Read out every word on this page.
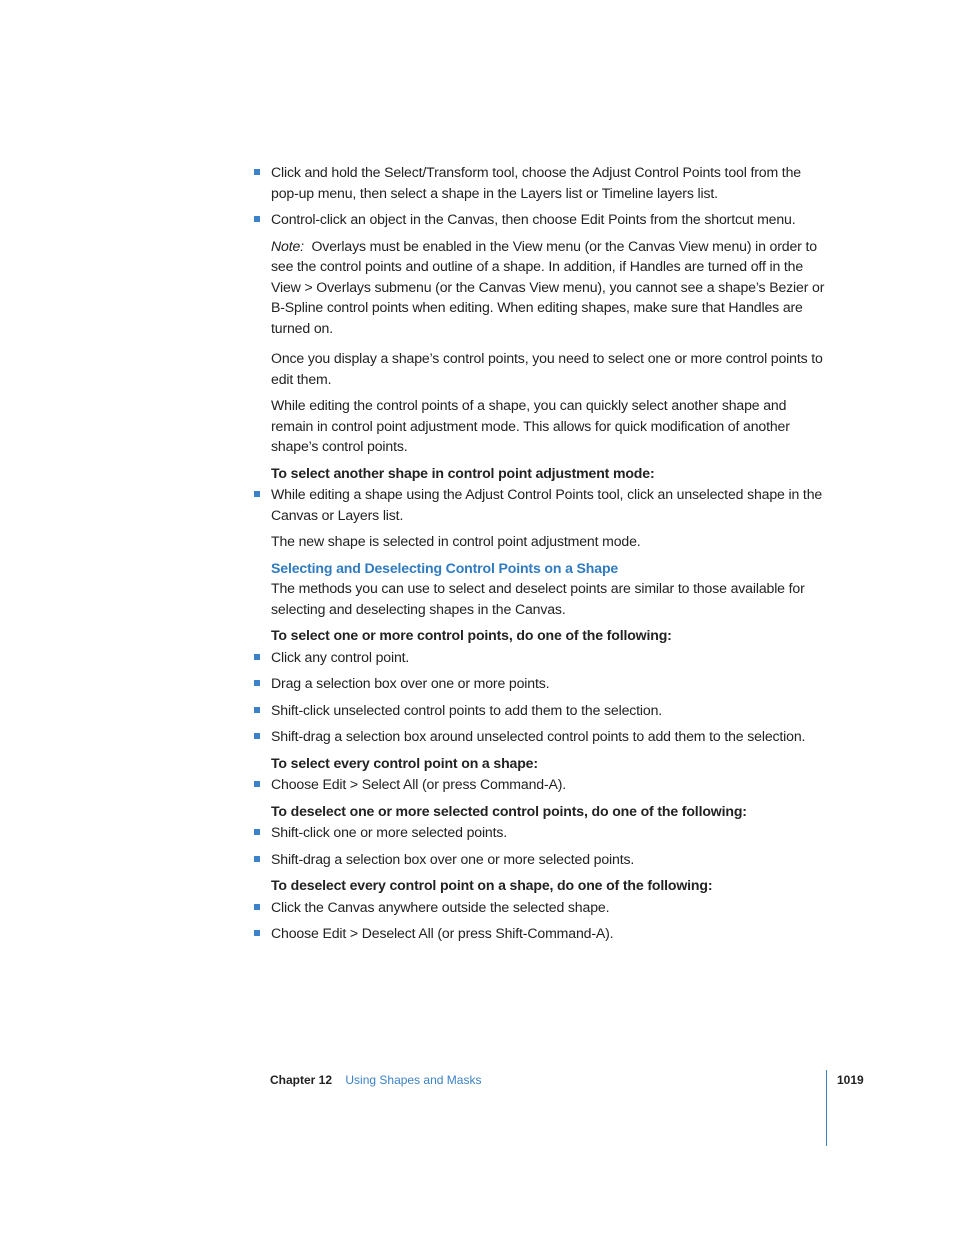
Click and hold the Select/Transform tool, choose the Adjust Control Points tool from the pop-up menu, then select a shape in the Layers list or Timeline layers list.
Control-click an object in the Canvas, then choose Edit Points from the shortcut menu.

Note: Overlays must be enabled in the View menu (or the Canvas View menu) in order to see the control points and outline of a shape. In addition, if Handles are turned off in the View > Overlays submenu (or the Canvas View menu), you cannot see a shape’s Bezier or B-Spline control points when editing. When editing shapes, make sure that Handles are turned on.

Once you display a shape’s control points, you need to select one or more control points to edit them.

While editing the control points of a shape, you can quickly select another shape and remain in control point adjustment mode. This allows for quick modification of another shape’s control points.

To select another shape in control point adjustment mode:

While editing a shape using the Adjust Control Points tool, click an unselected shape in the Canvas or Layers list.

The new shape is selected in control point adjustment mode.

Selecting and Deselecting Control Points on a Shape

The methods you can use to select and deselect points are similar to those available for selecting and deselecting shapes in the Canvas.

To select one or more control points, do one of the following:

Click any control point.
Drag a selection box over one or more points.
Shift-click unselected control points to add them to the selection.
Shift-drag a selection box around unselected control points to add them to the selection.

To select every control point on a shape:

Choose Edit > Select All (or press Command-A).

To deselect one or more selected control points, do one of the following:

Shift-click one or more selected points.
Shift-drag a selection box over one or more selected points.

To deselect every control point on a shape, do one of the following:

Click the Canvas anywhere outside the selected shape.
Choose Edit > Deselect All (or press Shift-Command-A).
Chapter 12 Using Shapes and Masks	1019
